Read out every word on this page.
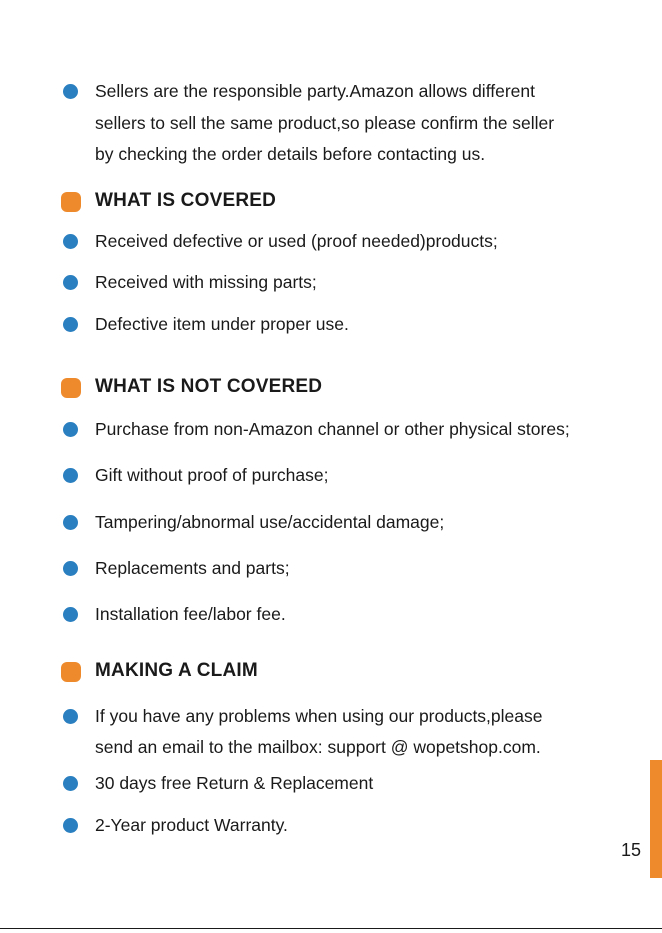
Sellers are the responsible party.Amazon allows different
sellers to sell the same product,so please confirm the seller
by checking the order details before contacting us.
WHAT IS COVERED
Received defective or used (proof needed)products;
Received with missing parts;
Defective item under proper use.
WHAT IS NOT COVERED
Purchase from non-Amazon channel or other physical stores;
Gift without proof of purchase;
Tampering/abnormal use/accidental damage;
Replacements and parts;
Installation fee/labor fee.
MAKING A CLAIM
If you have any problems when using our products,please
send an email to the mailbox: support @ wopetshop.com.
30 days free Return & Replacement
2-Year product Warranty.
15
